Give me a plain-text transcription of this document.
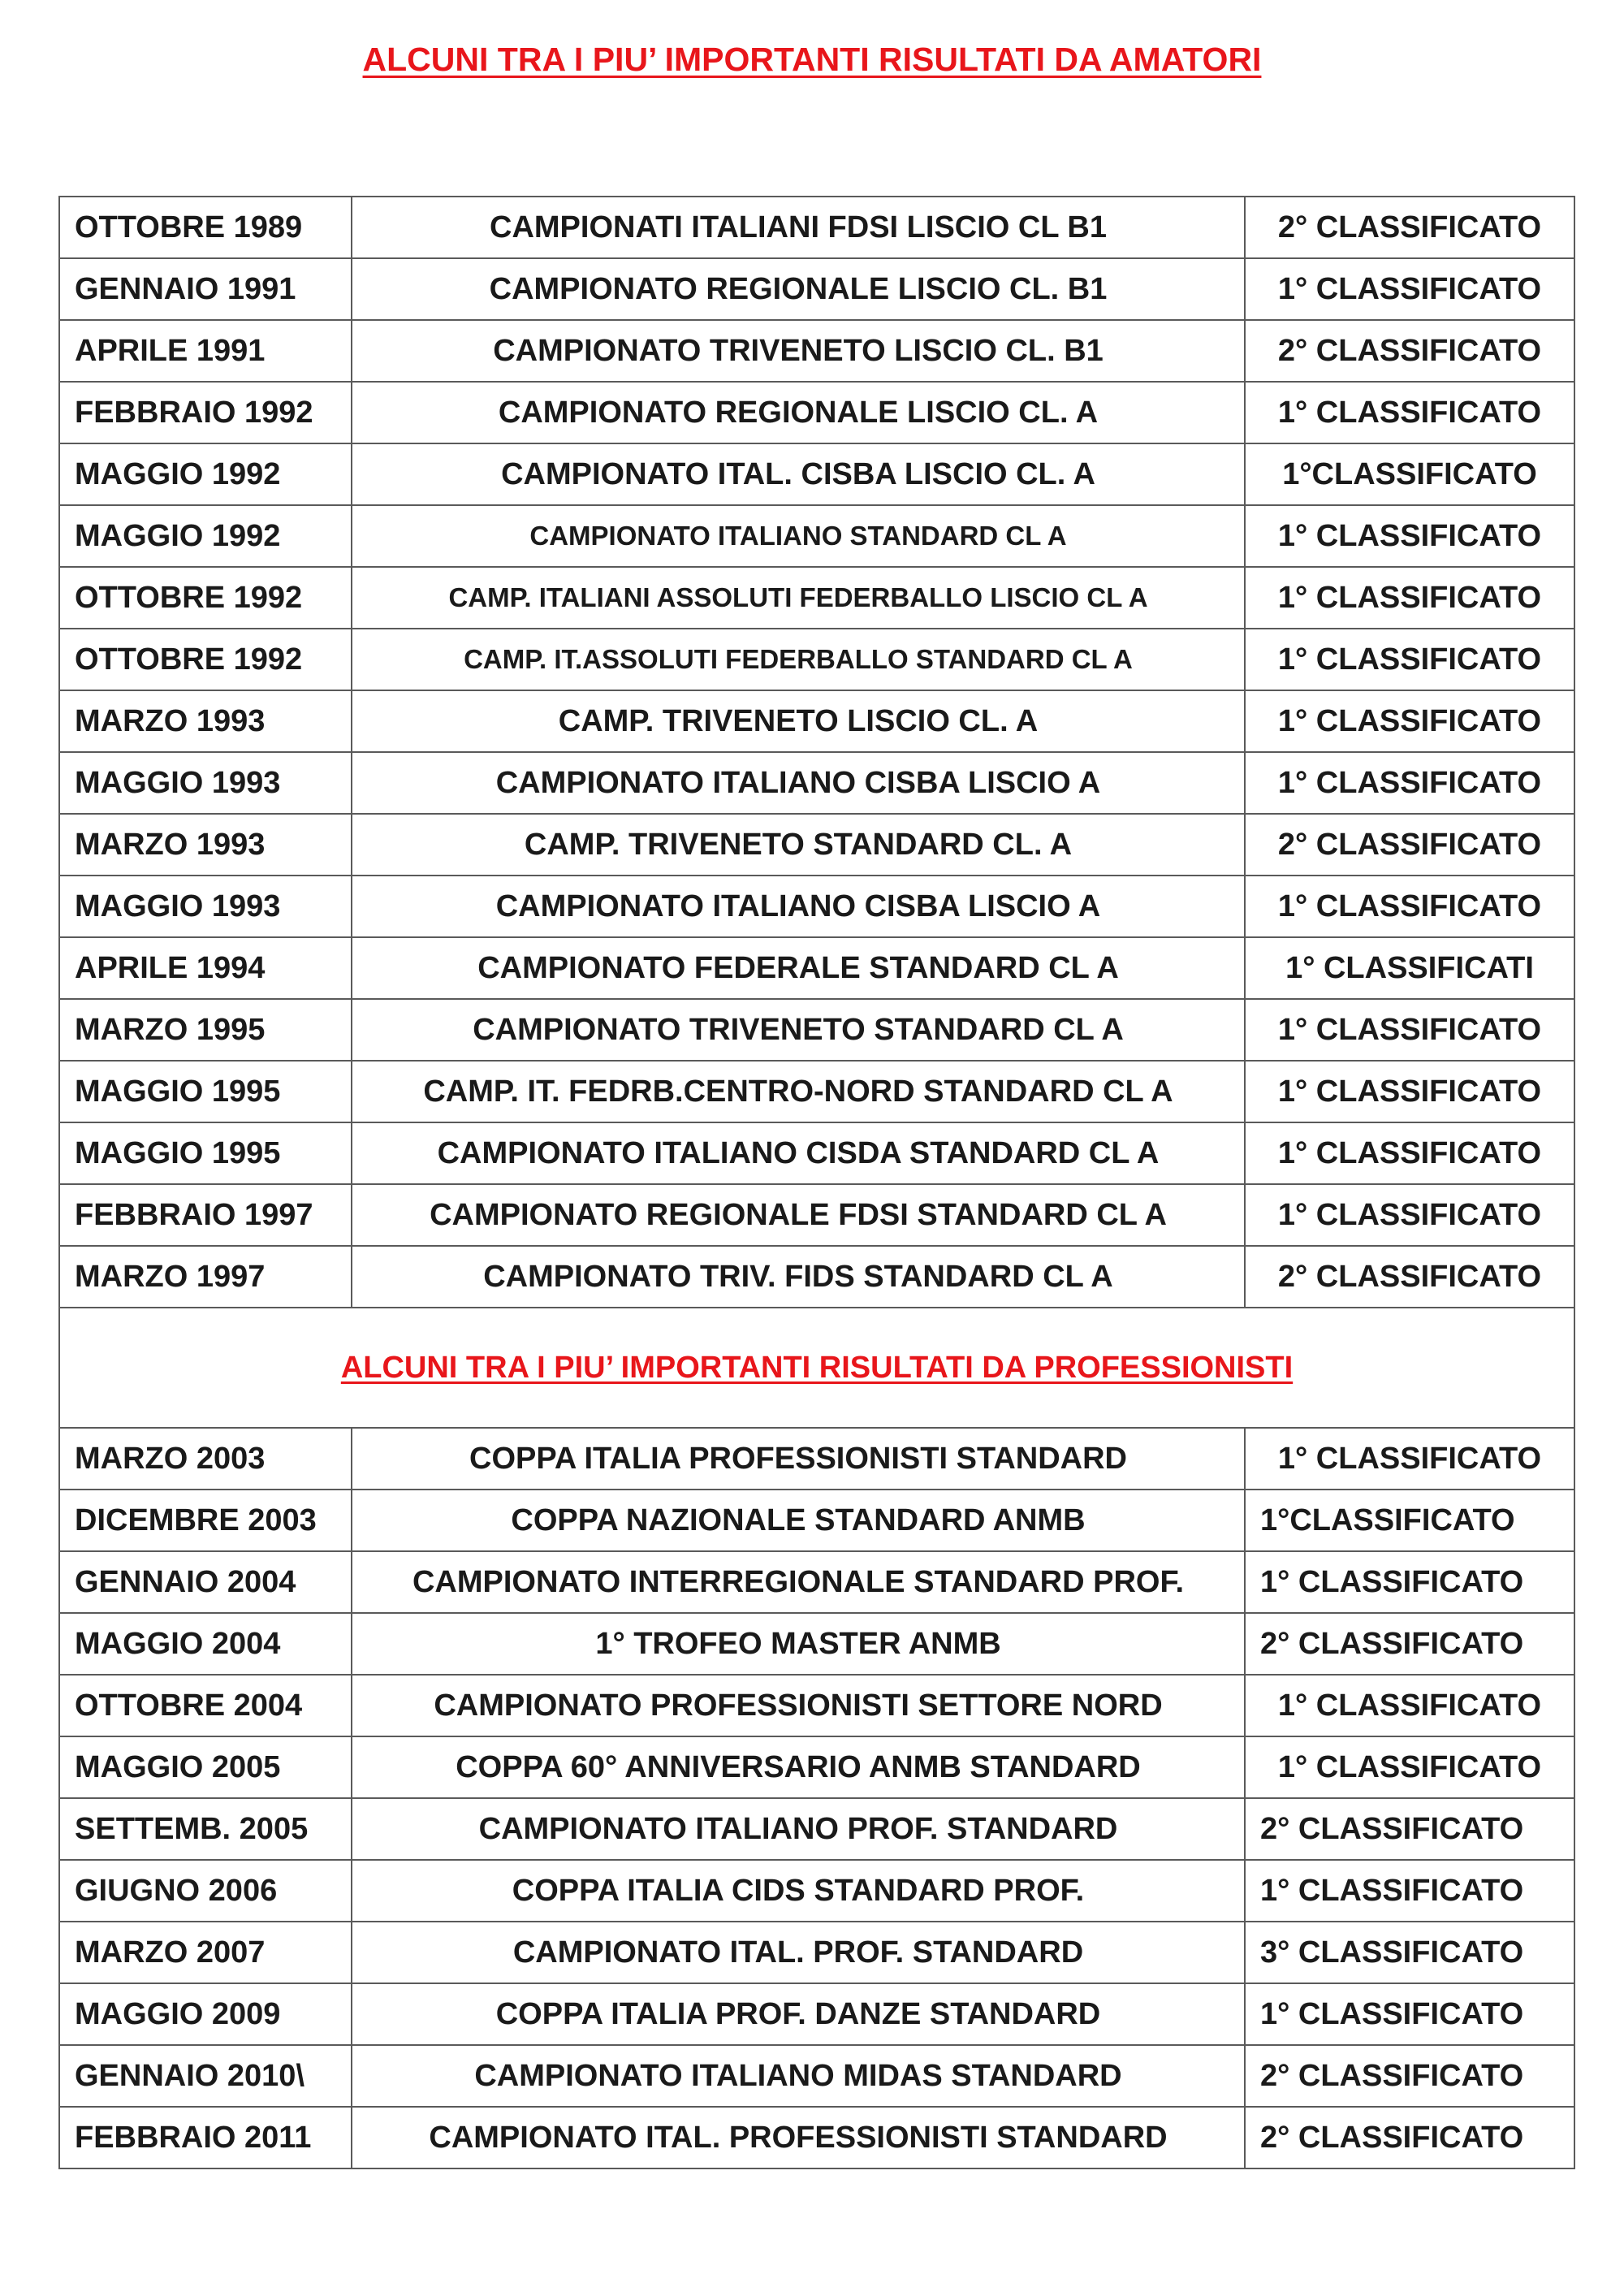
ALCUNI TRA I PIU’ IMPORTANTI RISULTATI DA AMATORI
OTTOBRE 1989	CAMPIONATI ITALIANI FDSI LISCIO CL B1	2° CLASSIFICATO
GENNAIO 1991	CAMPIONATO REGIONALE LISCIO CL. B1	1° CLASSIFICATO
APRILE 1991	CAMPIONATO TRIVENETO LISCIO CL. B1	2° CLASSIFICATO
FEBBRAIO 1992	CAMPIONATO REGIONALE LISCIO CL. A	1° CLASSIFICATO
MAGGIO 1992	CAMPIONATO ITAL. CISBA LISCIO CL. A	1°CLASSIFICATO
MAGGIO 1992	CAMPIONATO ITALIANO STANDARD CL A	1° CLASSIFICATO
OTTOBRE 1992	CAMP. ITALIANI ASSOLUTI FEDERBALLO LISCIO CL A	1° CLASSIFICATO
OTTOBRE 1992	CAMP. IT.ASSOLUTI FEDERBALLO STANDARD CL A	1° CLASSIFICATO
MARZO 1993	CAMP. TRIVENETO LISCIO CL. A	1° CLASSIFICATO
MAGGIO 1993	CAMPIONATO ITALIANO CISBA LISCIO A	1° CLASSIFICATO
MARZO 1993	CAMP. TRIVENETO STANDARD CL. A	2° CLASSIFICATO
MAGGIO 1993	CAMPIONATO ITALIANO CISBA LISCIO A	1° CLASSIFICATO
APRILE 1994	CAMPIONATO FEDERALE STANDARD CL A	1° CLASSIFICATI
MARZO 1995	CAMPIONATO TRIVENETO STANDARD CL A	1° CLASSIFICATO
MAGGIO 1995	CAMP. IT. FEDRB.CENTRO-NORD STANDARD CL A	1° CLASSIFICATO
MAGGIO 1995	CAMPIONATO ITALIANO CISDA STANDARD CL A	1° CLASSIFICATO
FEBBRAIO 1997	CAMPIONATO REGIONALE FDSI STANDARD CL A	1° CLASSIFICATO
MARZO 1997	CAMPIONATO TRIV. FIDS STANDARD CL A	2° CLASSIFICATO
ALCUNI TRA I PIU’ IMPORTANTI RISULTATI DA PROFESSIONISTI		
MARZO 2003	COPPA ITALIA PROFESSIONISTI STANDARD	1° CLASSIFICATO
DICEMBRE 2003	COPPA NAZIONALE STANDARD ANMB	1°CLASSIFICATO
GENNAIO 2004	CAMPIONATO INTERREGIONALE STANDARD PROF.	1° CLASSIFICATO
MAGGIO 2004	1° TROFEO MASTER ANMB	2° CLASSIFICATO
OTTOBRE 2004	CAMPIONATO PROFESSIONISTI SETTORE NORD	1° CLASSIFICATO
MAGGIO 2005	COPPA 60° ANNIVERSARIO ANMB STANDARD	1° CLASSIFICATO
SETTEMB. 2005	CAMPIONATO ITALIANO PROF. STANDARD	2° CLASSIFICATO
GIUGNO 2006	COPPA ITALIA CIDS STANDARD PROF.	1° CLASSIFICATO
MARZO 2007	CAMPIONATO ITAL. PROF. STANDARD	3° CLASSIFICATO
MAGGIO 2009	COPPA ITALIA PROF. DANZE STANDARD	1° CLASSIFICATO
GENNAIO 2010\	CAMPIONATO ITALIANO MIDAS STANDARD	2° CLASSIFICATO
FEBBRAIO 2011	CAMPIONATO ITAL. PROFESSIONISTI STANDARD	2° CLASSIFICATO
